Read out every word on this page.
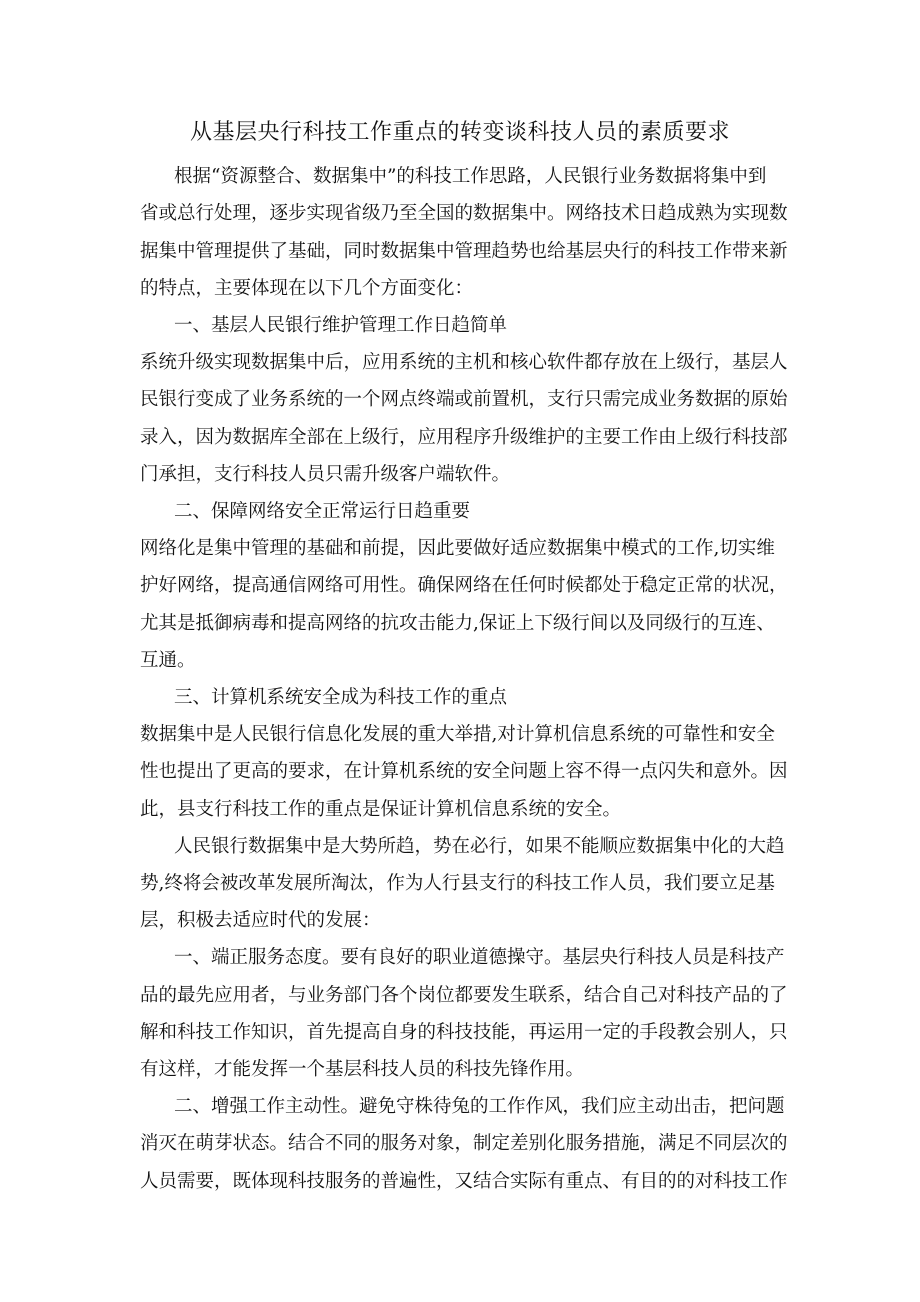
从基层央行科技工作重点的转变谈科技人员的素质要求
根据“资源整合、数据集中”的科技工作思路，人民银行业务数据将集中到
省或总行处理，逐步实现省级乃至全国的数据集中。网络技术日趋成熟为实现数
据集中管理提供了基础，同时数据集中管理趋势也给基层央行的科技工作带来新
的特点，主要体现在以下几个方面变化：
一、基层人民银行维护管理工作日趋简单
系统升级实现数据集中后，应用系统的主机和核心软件都存放在上级行，基层人
民银行变成了业务系统的一个网点终端或前置机，支行只需完成业务数据的原始
录入，因为数据库全部在上级行，应用程序升级维护的主要工作由上级行科技部
门承担，支行科技人员只需升级客户端软件。
二、保障网络安全正常运行日趋重要
网络化是集中管理的基础和前提，因此要做好适应数据集中模式的工作,切实维
护好网络，提高通信网络可用性。确保网络在任何时候都处于稳定正常的状况，
尤其是抵御病毒和提高网络的抗攻击能力,保证上下级行间以及同级行的互连、
互通。
三、计算机系统安全成为科技工作的重点
数据集中是人民银行信息化发展的重大举措,对计算机信息系统的可靠性和安全
性也提出了更高的要求，在计算机系统的安全问题上容不得一点闪失和意外。因
此，县支行科技工作的重点是保证计算机信息系统的安全。
人民银行数据集中是大势所趋，势在必行，如果不能顺应数据集中化的大趋
势,终将会被改革发展所淘汰，作为人行县支行的科技工作人员，我们要立足基
层，积极去适应时代的发展：
一、端正服务态度。要有良好的职业道德操守。基层央行科技人员是科技产
品的最先应用者，与业务部门各个岗位都要发生联系，结合自己对科技产品的了
解和科技工作知识，首先提高自身的科技技能，再运用一定的手段教会别人，只
有这样，才能发挥一个基层科技人员的科技先锋作用。
二、增强工作主动性。避免守株待兔的工作作风，我们应主动出击，把问题
消灭在萌芽状态。结合不同的服务对象，制定差别化服务措施，满足不同层次的
人员需要，既体现科技服务的普遍性，又结合实际有重点、有目的的对科技工作
